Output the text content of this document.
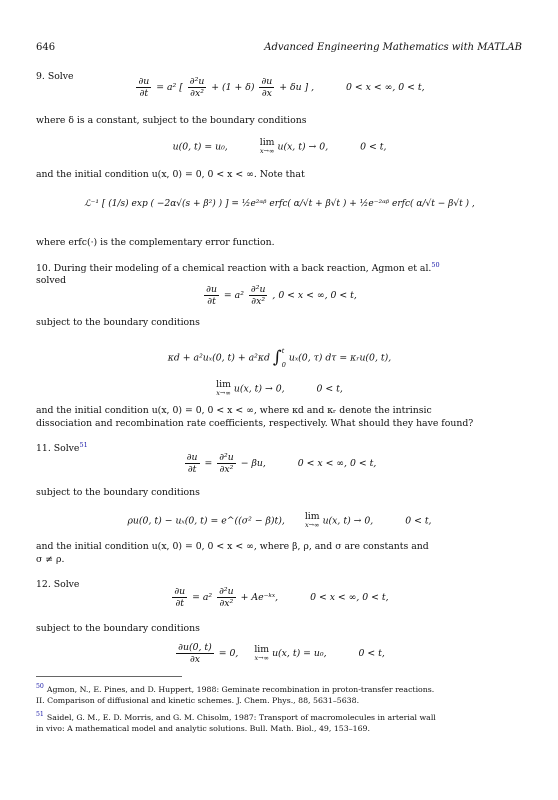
646	Advanced Engineering Mathematics with MATLAB
9. Solve	$\frac{\partial u}{\partial t} = a^2$ [ $\frac{\text{∂²u}}{\text{∂x²}} + (1 + \delta) \frac{\partial u}{\partial x} + \delta u$ ] ,	0 < x < ∞, 0 < t,
where δ is a constant, subject to the boundary conditions
u(0, t) = u₀,	lim
x→∞ u(x, t) → 0,	0 < t,
and the initial condition u(x, 0) = 0, 0 < x < ∞. Note that
ℒ⁻¹ [ (1/s) exp ( −2α√(s + β²) ) ] = ½e²ᵅᵝ erfc( α/√t + β√t ) + ½e⁻²ᵅᵝ erfc( α/√t − β√t ) ,
where erfc(·) is the complementary error function.
10. During their modeling of a chemical reaction with a back reaction, Agmon et al.$^{50}$
solved
$\frac{\partial u}{\partial t} = a^2 \frac{\text{∂²u}}{\text{∂x²}}$ , 0 < x < ∞, 0 < t,
subject to the boundary conditions
κd + a²uₓ(0, t) + a²κd ∫ t
0
uₓ(0, τ) dτ = κᵣu(0, t),
lim
x→∞ u(x, t) → 0,	0 < t,
and the initial condition u(x, 0) = 0, 0 < x < ∞, where κd and κᵣ denote the intrinsic
dissociation and recombination rate coefficients, respectively. What should they have found?
11. Solve$^{51}$
$\frac{\partial u}{\partial t} = \frac{\text{∂²u}}{\text{∂x²}} - \beta u$,	0 < x < ∞, 0 < t,
subject to the boundary conditions
ρu(0, t) − uₓ(0, t) = e^((σ² − β)t), lim
x→∞ u(x, t) → 0,	0 < t,
and the initial condition u(x, 0) = 0, 0 < x < ∞, where β, ρ, and σ are constants and
σ ≠ ρ.
12. Solve
$\frac{\partial u}{\partial t} = a^2 \frac{\text{∂²u}}{\text{∂x²}}$ + Ae⁻ᵏˣ,	0 < x < ∞, 0 < t,
subject to the boundary conditions
$\frac{\partial u(0, t)}{\partial x} = 0$, lim
x→∞ u(x, t) = u₀,	0 < t,
$^{50}$ Agmon, N., E. Pines, and D. Huppert, 1988: Geminate recombination in proton-transfer reactions.
II. Comparison of diffusional and kinetic schemes. J. Chem. Phys., 88, 5631–5638.
$^{51}$ Saidel, G. M., E. D. Morris, and G. M. Chisolm, 1987: Transport of macromolecules in arterial wall
in vivo: A mathematical model and analytic solutions. Bull. Math. Biol., 49, 153–169.
